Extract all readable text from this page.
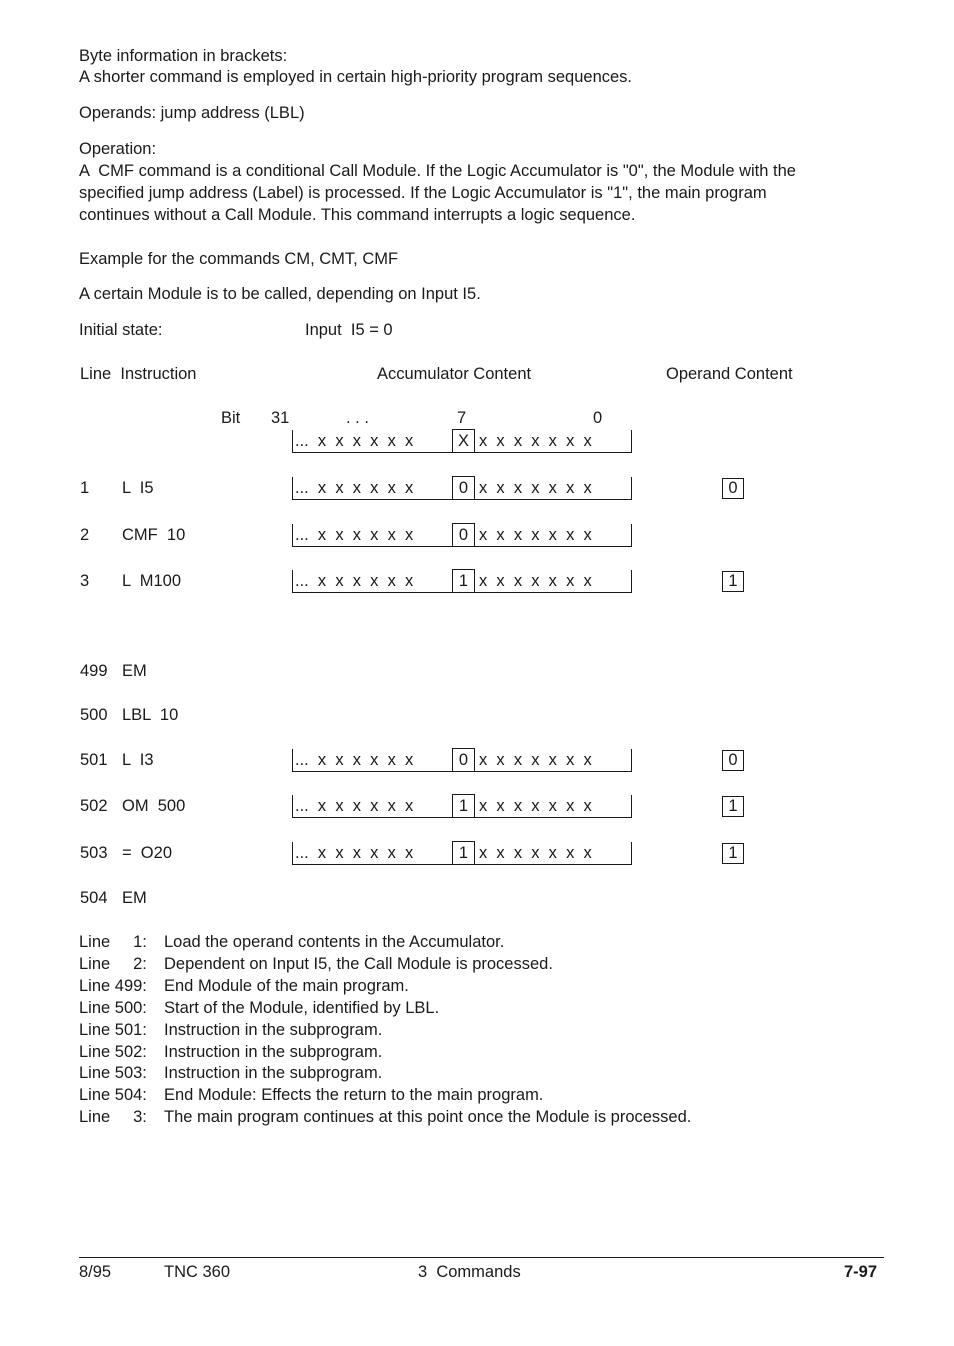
Byte information in brackets:
A shorter command is employed in certain high-priority program sequences.
Operands: jump address (LBL)
Operation:
A  CMF command is a conditional Call Module. If the Logic Accumulator is "0", the Module with the
specified jump address (Label) is processed. If the Logic Accumulator is "1", the main program
continues without a Call Module. This command interrupts a logic sequence.
Example for the commands CM, CMT, CMF
A certain Module is to be called, depending on Input I5.
Initial state:	Input  I5 = 0
Line  Instruction	Accumulator Content	Operand Content
Bit 31	. . .	7	0
...  x  x  x  x  x  x	X x  x  x  x  x  x  x
1 L  I5	...  x  x  x  x  x  x	0 x  x  x  x  x  x  x	0
2 CMF  10	...  x  x  x  x  x  x	0 x  x  x  x  x  x  x
3 L  M100	...  x  x  x  x  x  x	1 x  x  x  x  x  x  x	1
499 EM
500 LBL  10
501 L  I3	...  x  x  x  x  x  x	0 x  x  x  x  x  x  x	0
502 OM  500	...  x  x  x  x  x  x	1 x  x  x  x  x  x  x	1
503 =  O20	...  x  x  x  x  x  x	1 x  x  x  x  x  x  x	1
504 EM
Line     1: Load the operand contents in the Accumulator.
Line     2: Dependent on Input I5, the Call Module is processed.
Line 499: End Module of the main program.
Line 500: Start of the Module, identified by LBL.
Line 501: Instruction in the subprogram.
Line 502: Instruction in the subprogram.
Line 503: Instruction in the subprogram.
Line 504: End Module: Effects the return to the main program.
Line     3: The main program continues at this point once the Module is processed.
8/95	TNC 360	3  Commands	7-97
